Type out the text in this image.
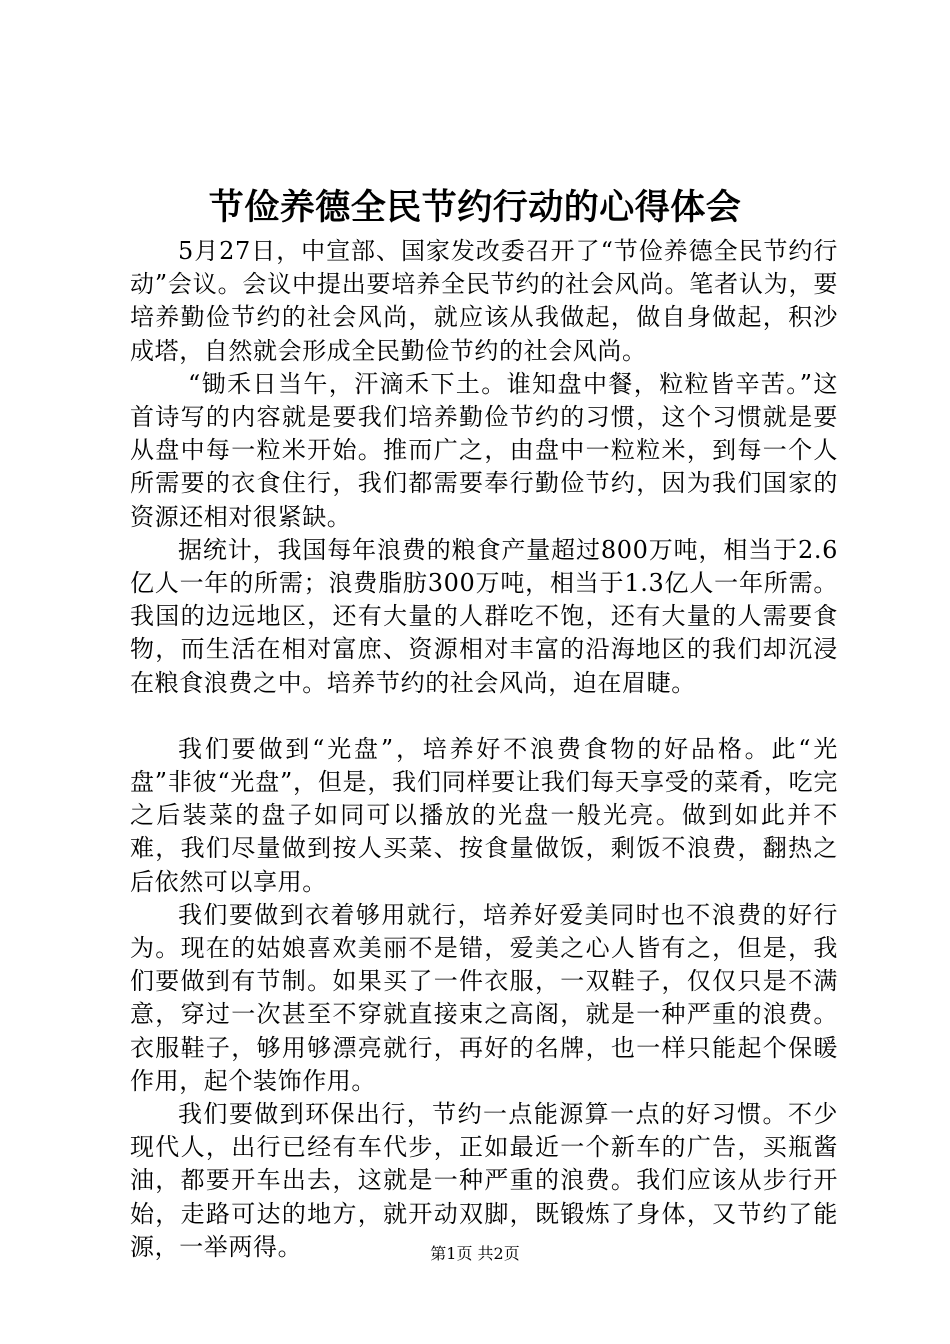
节俭养德全民节约行动的心得体会

5月27日，中宣部、国家发改委召开了“节俭养德全民节约行动”会议。会议中提出要培养全民节约的社会风尚。笔者认为，要培养勤俭节约的社会风尚，就应该从我做起，做自身做起，积沙成塔，自然就会形成全民勤俭节约的社会风尚。

“锄禾日当午，汗滴禾下土。谁知盘中餐，粒粒皆辛苦。”这首诗写的内容就是要我们培养勤俭节约的习惯，这个习惯就是要从盘中每一粒米开始。推而广之，由盘中一粒粒米，到每一个人所需要的衣食住行，我们都需要奉行勤俭节约，因为我们国家的资源还相对很紧缺。

据统计，我国每年浪费的粮食产量超过800万吨，相当于2.6亿人一年的所需；浪费脂肪300万吨，相当于1.3亿人一年所需。我国的边远地区，还有大量的人群吃不饱，还有大量的人需要食物，而生活在相对富庶、资源相对丰富的沿海地区的我们却沉浸在粮食浪费之中。培养节约的社会风尚，迫在眉睫。

我们要做到“光盘”，培养好不浪费食物的好品格。此“光盘”非彼“光盘”，但是，我们同样要让我们每天享受的菜肴，吃完之后装菜的盘子如同可以播放的光盘一般光亮。做到如此并不难，我们尽量做到按人买菜、按食量做饭，剩饭不浪费，翻热之后依然可以享用。

我们要做到衣着够用就行，培养好爱美同时也不浪费的好行为。现在的姑娘喜欢美丽不是错，爱美之心人皆有之，但是，我们要做到有节制。如果买了一件衣服，一双鞋子，仅仅只是不满意，穿过一次甚至不穿就直接束之高阁，就是一种严重的浪费。衣服鞋子，够用够漂亮就行，再好的名牌，也一样只能起个保暖作用，起个装饰作用。

我们要做到环保出行，节约一点能源算一点的好习惯。不少现代人，出行已经有车代步，正如最近一个新车的广告，买瓶酱油，都要开车出去，这就是一种严重的浪费。我们应该从步行开始，走路可达的地方，就开动双脚，既锻炼了身体，又节约了能源，一举两得。	第1页 共2页
